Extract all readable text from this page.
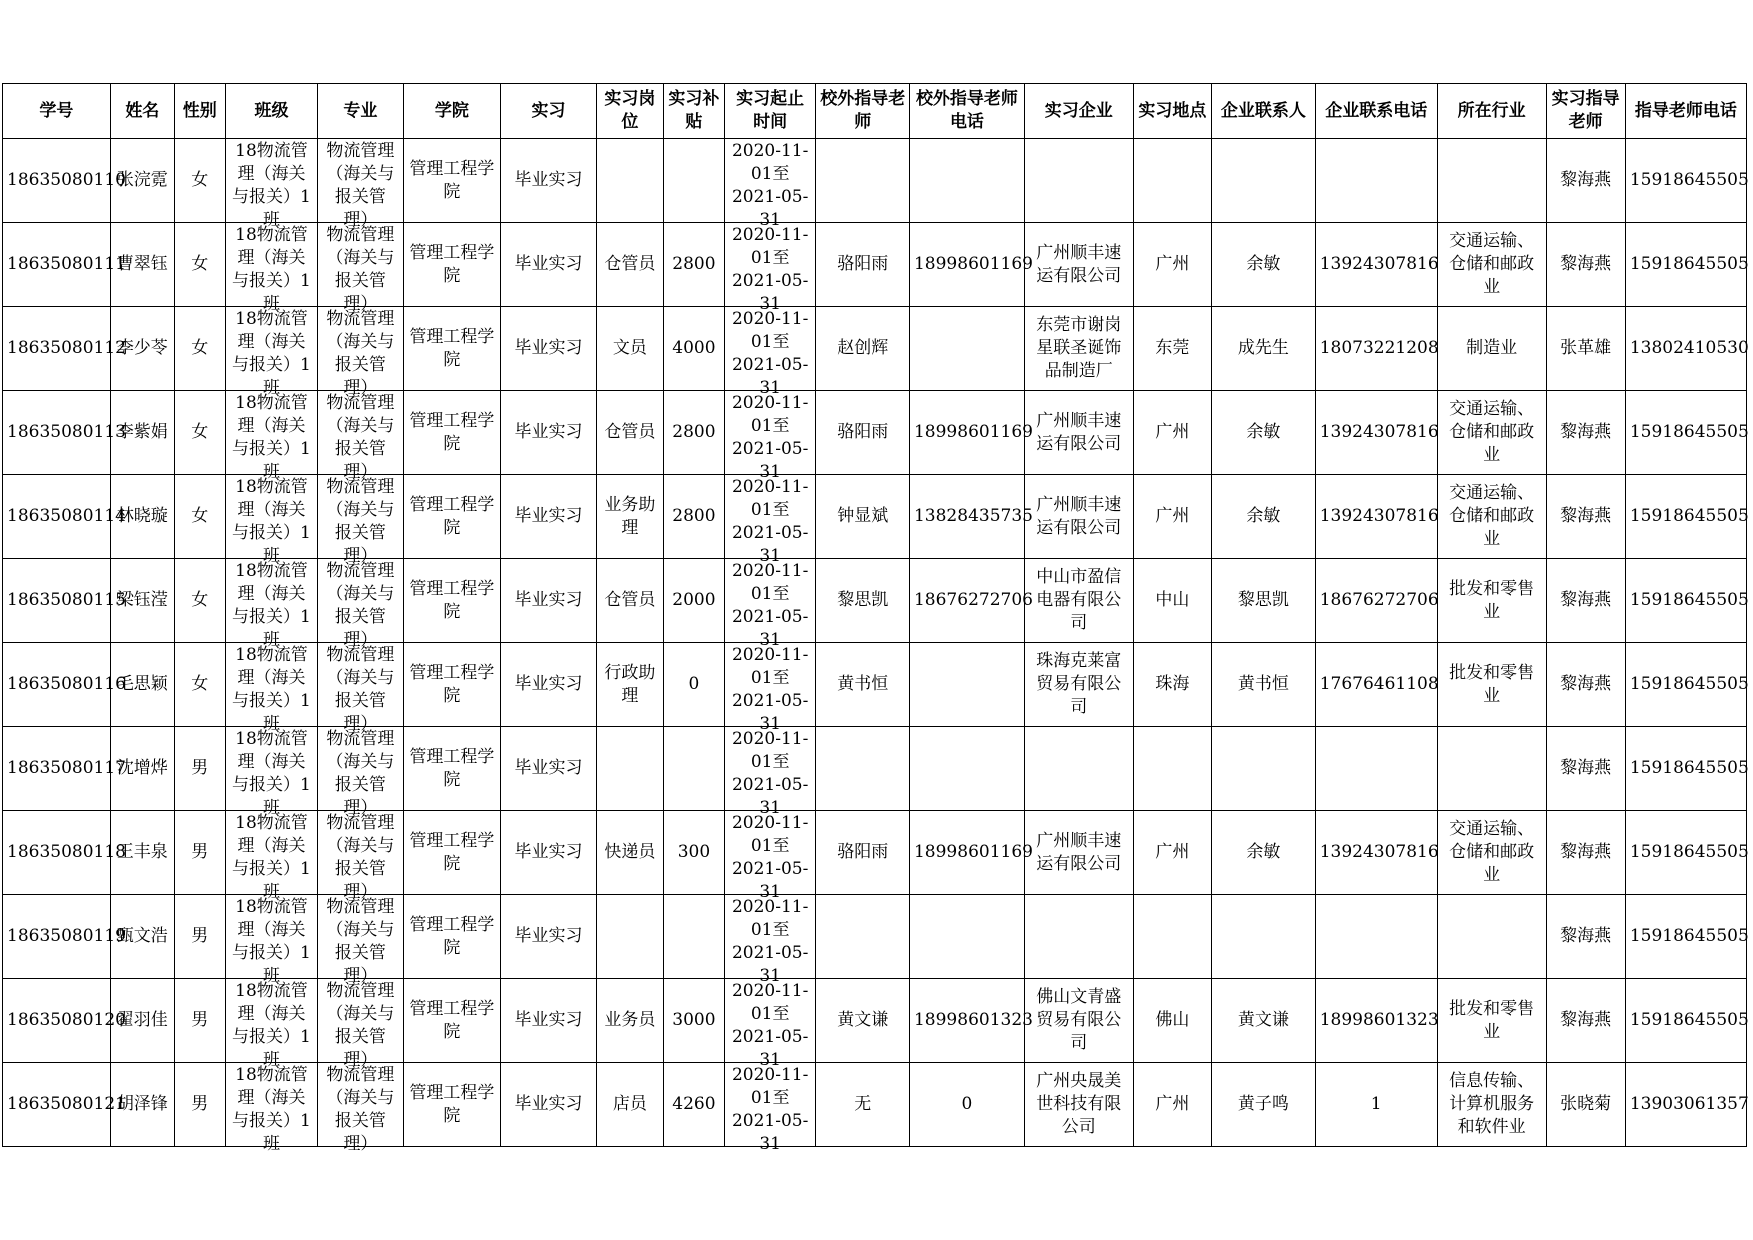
学号	姓名	性别	班级	专业	学院	实习	实习岗位	实习补贴	实习起止时间	校外指导老师	校外指导老师电话	实习企业	实习地点	企业联系人	企业联系电话	所在行业	实习指导老师	指导老师电话

18635080110	张浣霓	女	18物流管理（海关与报关）1班	物流管理（海关与报关管理）	管理工程学院	毕业实习			2020-11-01至2021-05-31								黎海燕	15918645505

18635080111	曹翠钰	女	18物流管理（海关与报关）1班	物流管理（海关与报关管理）	管理工程学院	毕业实习	仓管员	2800	2020-11-01至2021-05-31	骆阳雨	18998601169	广州顺丰速运有限公司	广州	余敏	13924307816	交通运输、仓储和邮政业	黎海燕	15918645505

18635080112	李少苓	女	18物流管理（海关与报关）1班	物流管理（海关与报关管理）	管理工程学院	毕业实习	文员	4000	2020-11-01至2021-05-31	赵创辉		东莞市谢岗星联圣诞饰品制造厂	东莞	成先生	18073221208	制造业	张革雄	13802410530

18635080113	李紫娟	女	18物流管理（海关与报关）1班	物流管理（海关与报关管理）	管理工程学院	毕业实习	仓管员	2800	2020-11-01至2021-05-31	骆阳雨	18998601169	广州顺丰速运有限公司	广州	余敏	13924307816	交通运输、仓储和邮政业	黎海燕	15918645505

18635080114	林晓璇	女	18物流管理（海关与报关）1班	物流管理（海关与报关管理）	管理工程学院	毕业实习	业务助理	2800	2020-11-01至2021-05-31	钟显斌	13828435735	广州顺丰速运有限公司	广州	余敏	13924307816	交通运输、仓储和邮政业	黎海燕	15918645505

18635080115	梁钰滢	女	18物流管理（海关与报关）1班	物流管理（海关与报关管理）	管理工程学院	毕业实习	仓管员	2000	2020-11-01至2021-05-31	黎思凯	18676272706	中山市盈信电器有限公司	中山	黎思凯	18676272706	批发和零售业	黎海燕	15918645505

18635080116	毛思颖	女	18物流管理（海关与报关）1班	物流管理（海关与报关管理）	管理工程学院	毕业实习	行政助理	0	2020-11-01至2021-05-31	黄书恒		珠海克莱富贸易有限公司	珠海	黄书恒	17676461108	批发和零售业	黎海燕	15918645505

18635080117	沈增烨	男	18物流管理（海关与报关）1班	物流管理（海关与报关管理）	管理工程学院	毕业实习			2020-11-01至2021-05-31								黎海燕	15918645505

18635080118	王丰泉	男	18物流管理（海关与报关）1班	物流管理（海关与报关管理）	管理工程学院	毕业实习	快递员	300	2020-11-01至2021-05-31	骆阳雨	18998601169	广州顺丰速运有限公司	广州	余敏	13924307816	交通运输、仓储和邮政业	黎海燕	15918645505

18635080119	甄文浩	男	18物流管理（海关与报关）1班	物流管理（海关与报关管理）	管理工程学院	毕业实习			2020-11-01至2021-05-31								黎海燕	15918645505

18635080120	翟羽佳	男	18物流管理（海关与报关）1班	物流管理（海关与报关管理）	管理工程学院	毕业实习	业务员	3000	2020-11-01至2021-05-31	黄文谦	18998601323	佛山文青盛贸易有限公司	佛山	黄文谦	18998601323	批发和零售业	黎海燕	15918645505

18635080121	胡泽锋	男	18物流管理（海关与报关）1班	物流管理（海关与报关管理）	管理工程学院	毕业实习	店员	4260	2020-11-01至2021-05-31	无	0	广州央晟美世科技有限公司	广州	黄子鸣	1	信息传输、计算机服务和软件业	张晓菊	13903061357
